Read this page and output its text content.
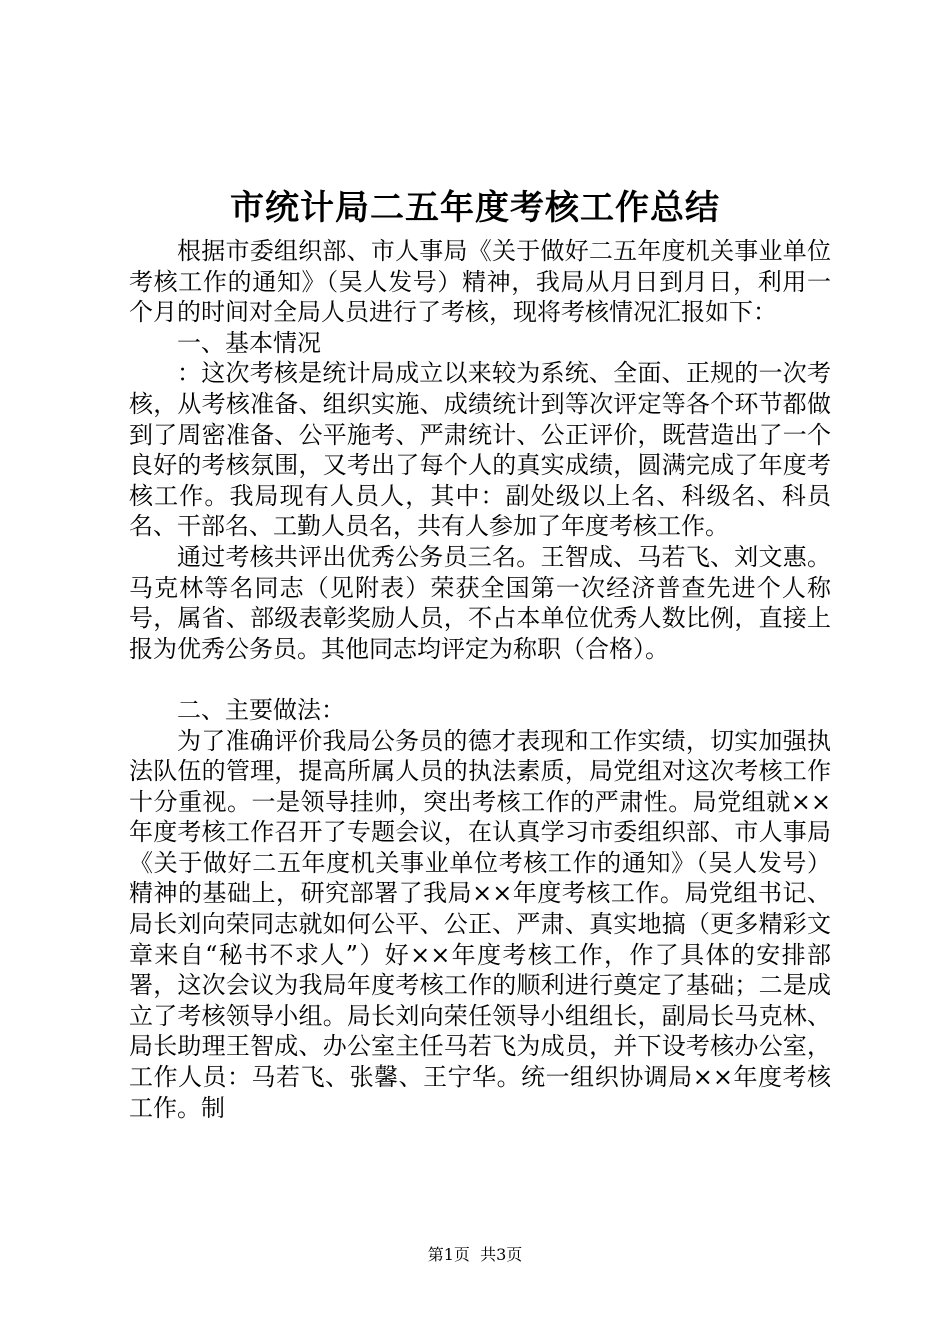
市统计局二五年度考核工作总结

根据市委组织部、市人事局《关于做好二五年度机关事业单位考核工作的通知》（吴人发号）精神，我局从月日到月日，利用一个月的时间对全局人员进行了考核，现将考核情况汇报如下：

一、基本情况

：这次考核是统计局成立以来较为系统、全面、正规的一次考核，从考核准备、组织实施、成绩统计到等次评定等各个环节都做到了周密准备、公平施考、严肃统计、公正评价，既营造出了一个良好的考核氛围，又考出了每个人的真实成绩，圆满完成了年度考核工作。我局现有人员人，其中：副处级以上名、科级名、科员名、干部名、工勤人员名，共有人参加了年度考核工作。

通过考核共评出优秀公务员三名。王智成、马若飞、刘文惠。马克林等名同志（见附表）荣获全国第一次经济普查先进个人称号，属省、部级表彰奖励人员，不占本单位优秀人数比例，直接上报为优秀公务员。其他同志均评定为称职（合格）。

二、主要做法：

为了准确评价我局公务员的德才表现和工作实绩，切实加强执法队伍的管理，提高所属人员的执法素质，局党组对这次考核工作十分重视。一是领导挂帅，突出考核工作的严肃性。局党组就××年度考核工作召开了专题会议，在认真学习市委组织部、市人事局《关于做好二五年度机关事业单位考核工作的通知》（吴人发号）精神的基础上，研究部署了我局××年度考核工作。局党组书记、局长刘向荣同志就如何公平、公正、严肃、真实地搞（更多精彩文章来自“秘书不求人”）好××年度考核工作，作了具体的安排部署，这次会议为我局年度考核工作的顺利进行奠定了基础；二是成立了考核领导小组。局长刘向荣任领导小组组长，副局长马克林、局长助理王智成、办公室主任马若飞为成员，并下设考核办公室，工作人员：马若飞、张馨、王宁华。统一组织协调局××年度考核工作。制

第1页  共3页
